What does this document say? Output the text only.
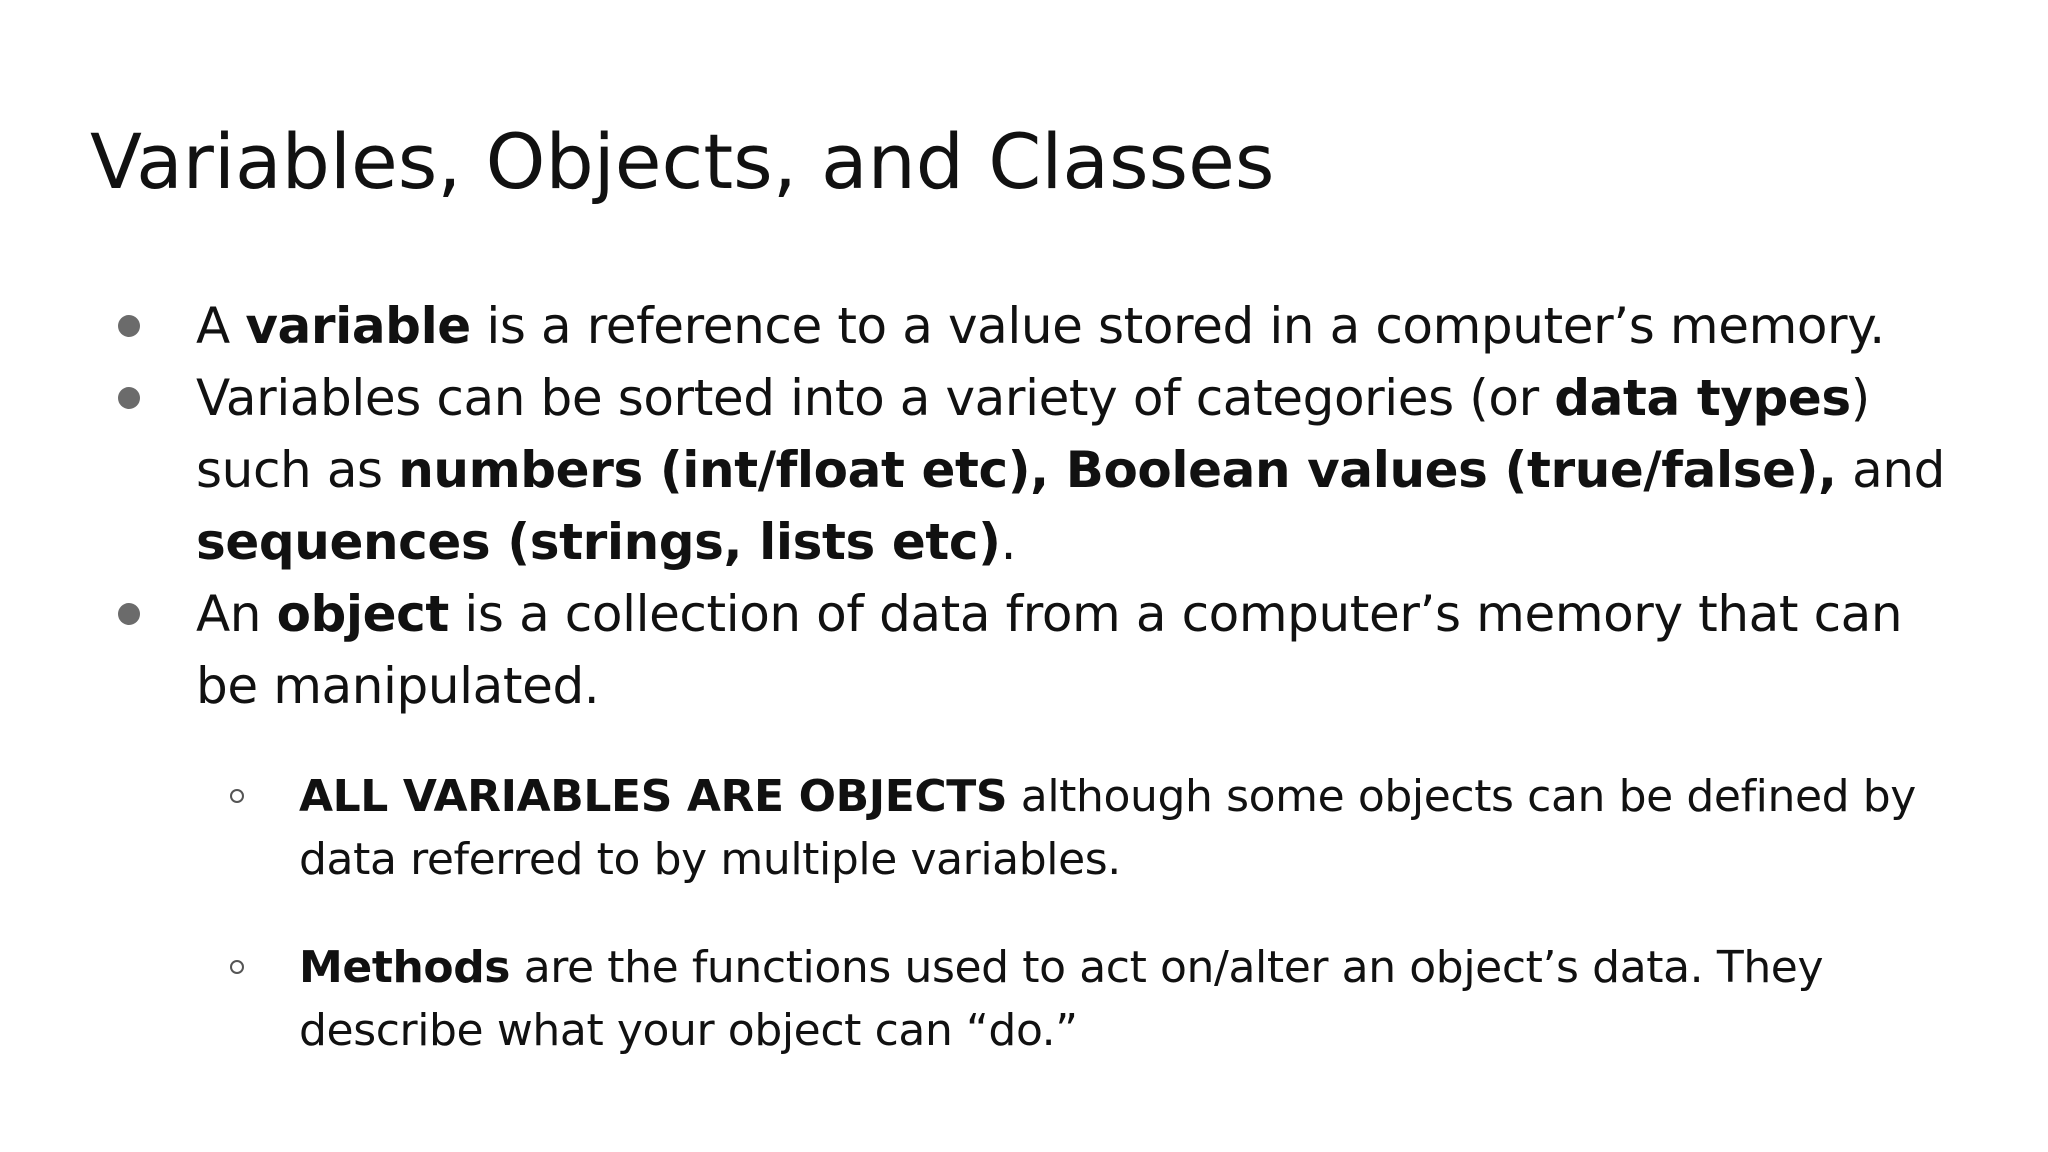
Variables, Objects, and Classes
A variable is a reference to a value stored in a computer’s memory.
Variables can be sorted into a variety of categories (or data types) such as numbers (int/float etc), Boolean values (true/false), and sequences (strings, lists etc).
An object is a collection of data from a computer’s memory that can be manipulated.
ALL VARIABLES ARE OBJECTS although some objects can be defined by data referred to by multiple variables.
Methods are the functions used to act on/alter an object’s data. They describe what your object can “do.”
